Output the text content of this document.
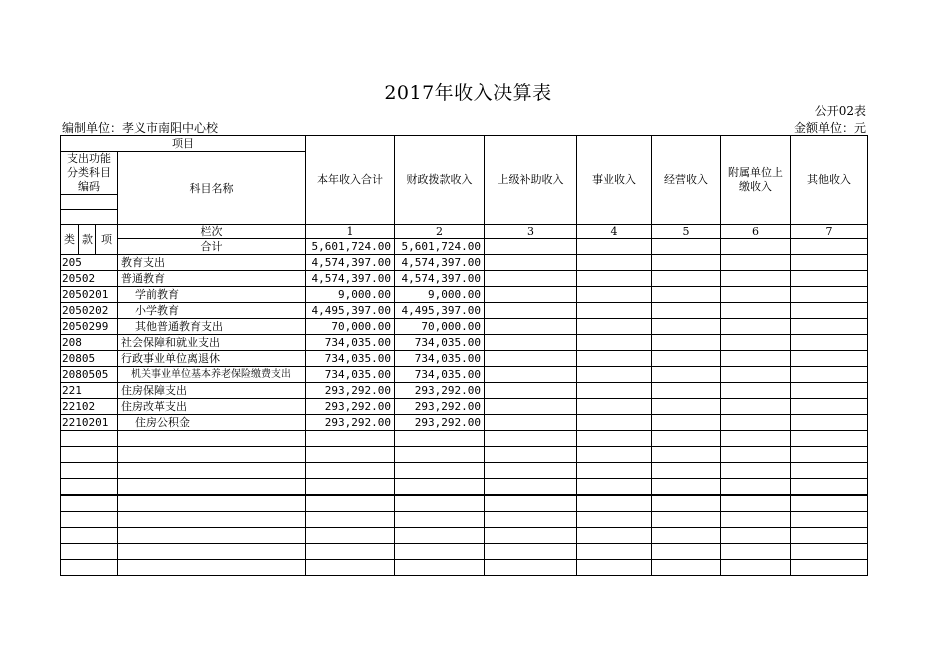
2017年收入决算表
公开02表
编制单位：孝义市南阳中心校	金额单位：元
项目				本年收入合计	财政拨款收入	上级补助收入	事业收入	经营收入	附属单位上缴收入	其他收入
支出功能分类科目编码			科目名称							

类	款	项	栏次	1	2	3	4	5	6	7
			合计	5,601,724.00	5,601,724.00					
205			教育支出	4,574,397.00	4,574,397.00					
20502			普通教育	4,574,397.00	4,574,397.00					
2050201			学前教育	9,000.00	9,000.00					
2050202			小学教育	4,495,397.00	4,495,397.00					
2050299			其他普通教育支出	70,000.00	70,000.00					
208			社会保障和就业支出	734,035.00	734,035.00					
20805			行政事业单位离退休	734,035.00	734,035.00					
2080505			机关事业单位基本养老保险缴费支出	734,035.00	734,035.00					
221			住房保障支出	293,292.00	293,292.00					
22102			住房改革支出	293,292.00	293,292.00					
2210201			住房公积金	293,292.00	293,292.00					
